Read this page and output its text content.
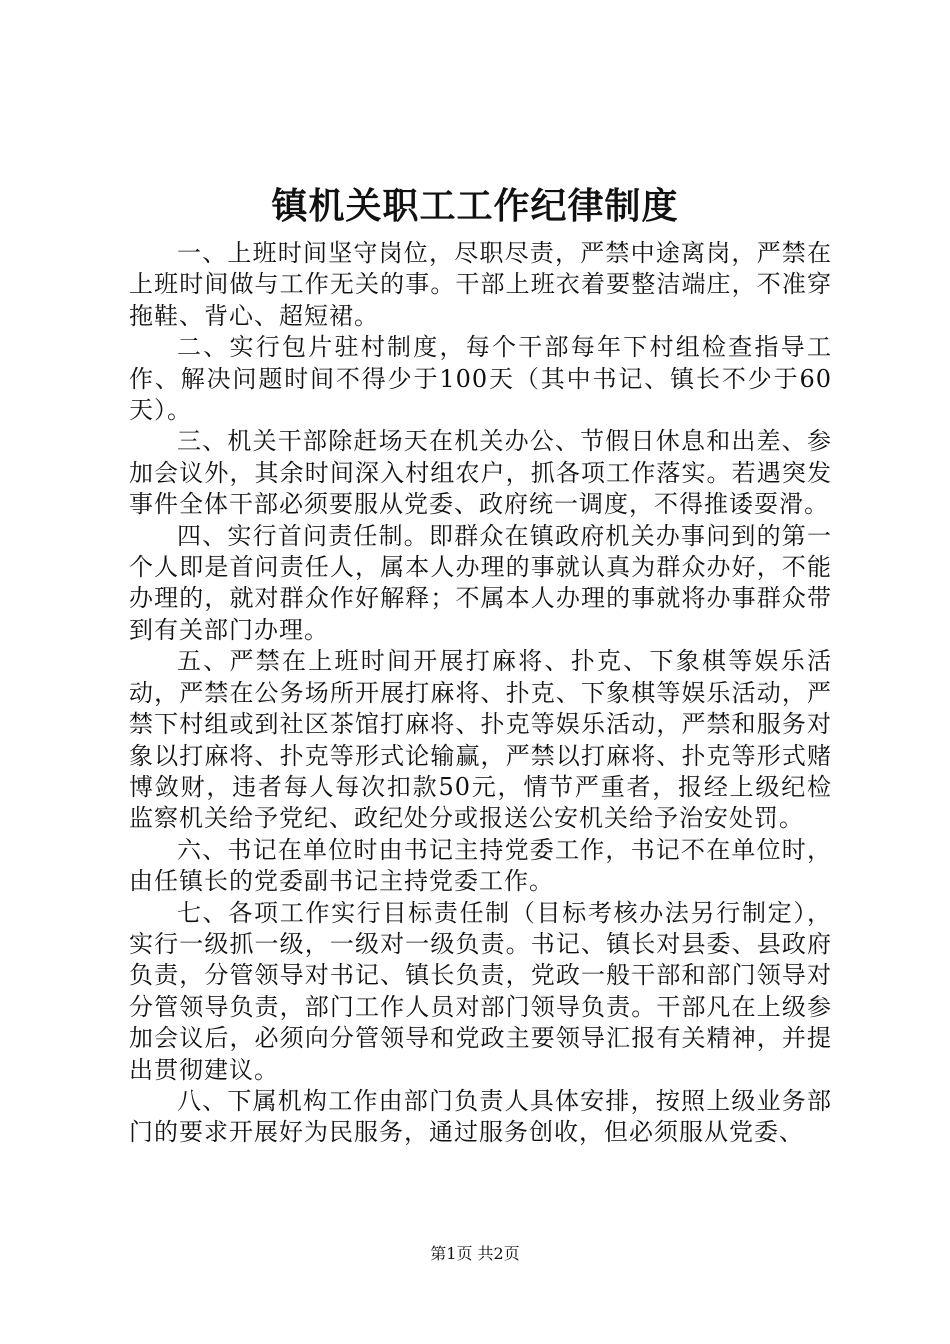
镇机关职工工作纪律制度

一、上班时间坚守岗位，尽职尽责，严禁中途离岗，严禁在上班时间做与工作无关的事。干部上班衣着要整洁端庄，不准穿拖鞋、背心、超短裙。

二、实行包片驻村制度，每个干部每年下村组检查指导工作、解决问题时间不得少于100天（其中书记、镇长不少于60天）。

三、机关干部除赶场天在机关办公、节假日休息和出差、参加会议外，其余时间深入村组农户，抓各项工作落实。若遇突发事件全体干部必须要服从党委、政府统一调度，不得推诿耍滑。

四、实行首问责任制。即群众在镇政府机关办事问到的第一个人即是首问责任人，属本人办理的事就认真为群众办好，不能办理的，就对群众作好解释；不属本人办理的事就将办事群众带到有关部门办理。

五、严禁在上班时间开展打麻将、扑克、下象棋等娱乐活动，严禁在公务场所开展打麻将、扑克、下象棋等娱乐活动，严禁下村组或到社区茶馆打麻将、扑克等娱乐活动，严禁和服务对象以打麻将、扑克等形式论输赢，严禁以打麻将、扑克等形式赌博敛财，违者每人每次扣款50元，情节严重者，报经上级纪检监察机关给予党纪、政纪处分或报送公安机关给予治安处罚。

六、书记在单位时由书记主持党委工作，书记不在单位时，由任镇长的党委副书记主持党委工作。

七、各项工作实行目标责任制（目标考核办法另行制定），实行一级抓一级，一级对一级负责。书记、镇长对县委、县政府负责，分管领导对书记、镇长负责，党政一般干部和部门领导对分管领导负责，部门工作人员对部门领导负责。干部凡在上级参加会议后，必须向分管领导和党政主要领导汇报有关精神，并提出贯彻建议。

八、下属机构工作由部门负责人具体安排，按照上级业务部门的要求开展好为民服务，通过服务创收，但必须服从党委、

第1页 共2页
